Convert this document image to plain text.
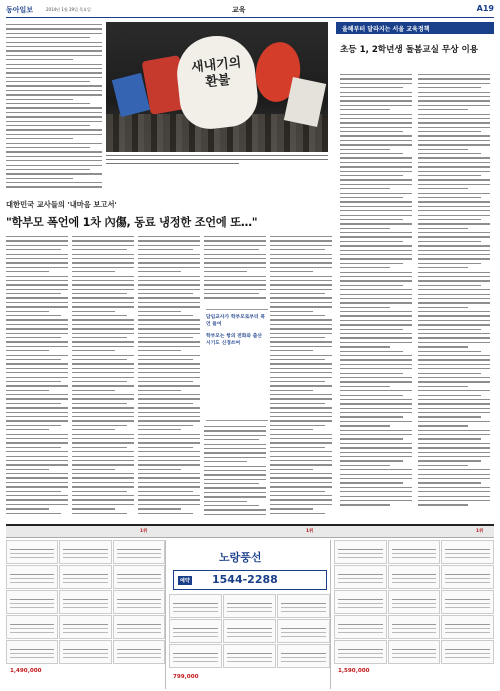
동아일보	2014년 1월 29일 목요일	교육	A19
새내기의 환불
올해부터 달라지는 서울 교육정책
초등 1, 2학년생 돌봄교실 무상 이용
대한민국 교사들의 '내마음 보고서'
"학부모 폭언에 1차 內傷, 동료 냉정한 조언에 또…"
담임교사가 학부모로부터 폭언 들어
학부모는 항의 전화와 출산 시기도 신경쓰여
1위	1위	1위
1,490,000
노랑풍선
예약 1544-2288
799,000
1,590,000
